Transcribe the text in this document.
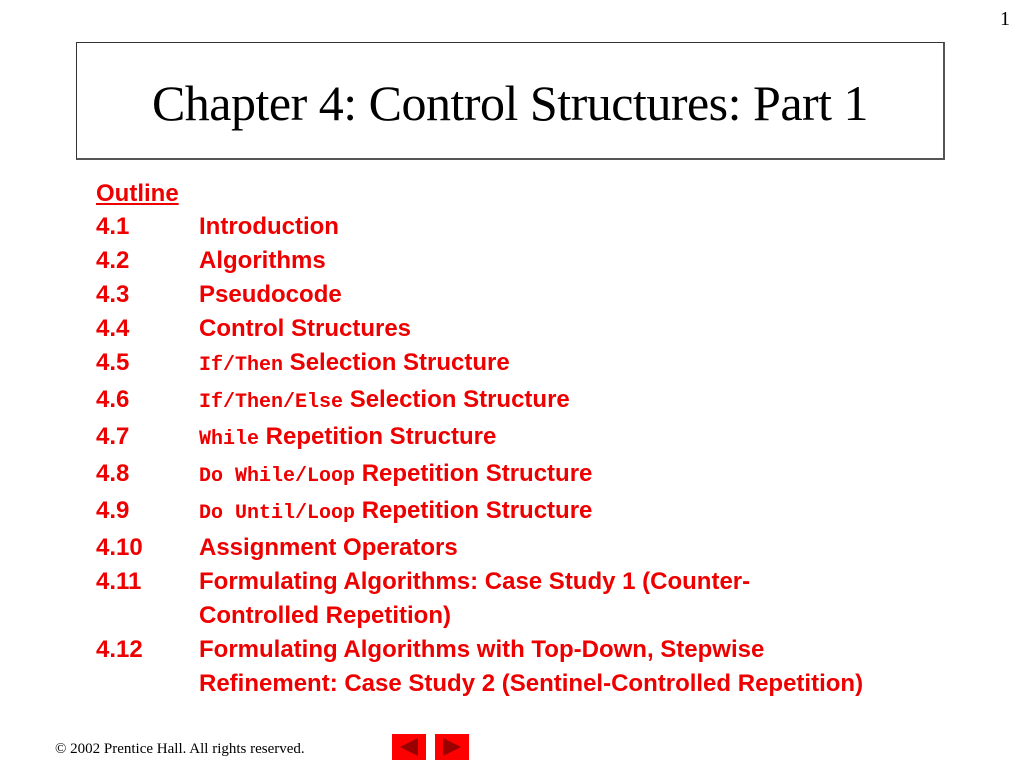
1
Chapter 4: Control Structures: Part 1
Outline
4.1	Introduction
4.2	Algorithms
4.3	Pseudocode
4.4	Control Structures
4.5	If/Then Selection Structure
4.6	If/Then/Else Selection Structure
4.7	While Repetition Structure
4.8	Do While/Loop Repetition Structure
4.9	Do Until/Loop Repetition Structure
4.10	Assignment Operators
4.11	Formulating Algorithms: Case Study 1 (Counter-Controlled Repetition)
4.12	Formulating Algorithms with Top-Down, Stepwise Refinement: Case Study 2 (Sentinel-Controlled Repetition)
© 2002 Prentice Hall. All rights reserved.
